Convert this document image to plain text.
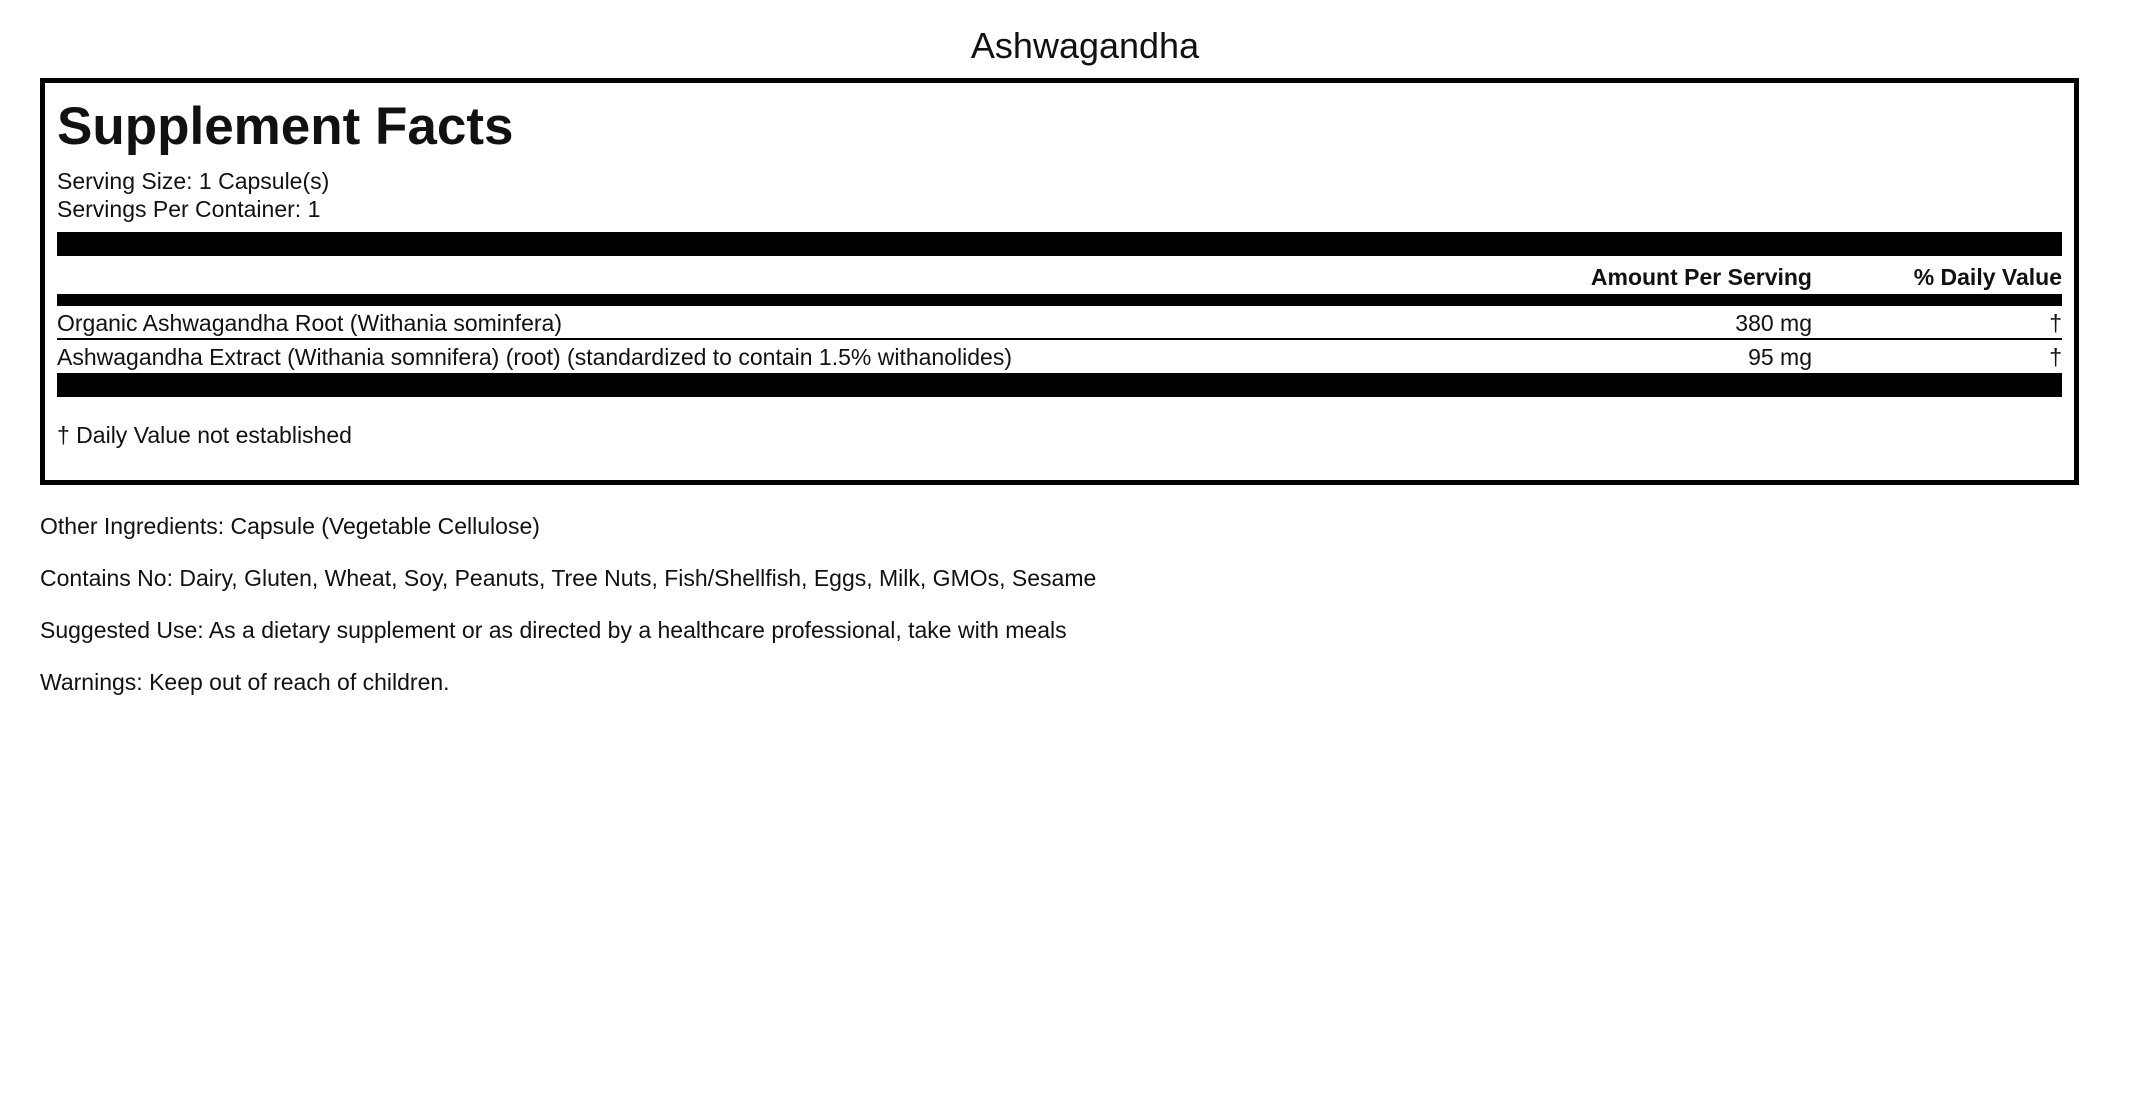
Ashwagandha
Supplement Facts
Serving Size: 1 Capsule(s)
Servings Per Container: 1
Amount Per Serving	% Daily Value
Organic Ashwagandha Root (Withania sominfera)	380 mg	†
Ashwagandha Extract (Withania somnifera) (root) (standardized to contain 1.5% withanolides)	95 mg	†
† Daily Value not established
Other Ingredients: Capsule (Vegetable Cellulose)
Contains No: Dairy, Gluten, Wheat, Soy, Peanuts, Tree Nuts, Fish/Shellfish, Eggs, Milk, GMOs, Sesame
Suggested Use: As a dietary supplement or as directed by a healthcare professional, take with meals
Warnings: Keep out of reach of children.
